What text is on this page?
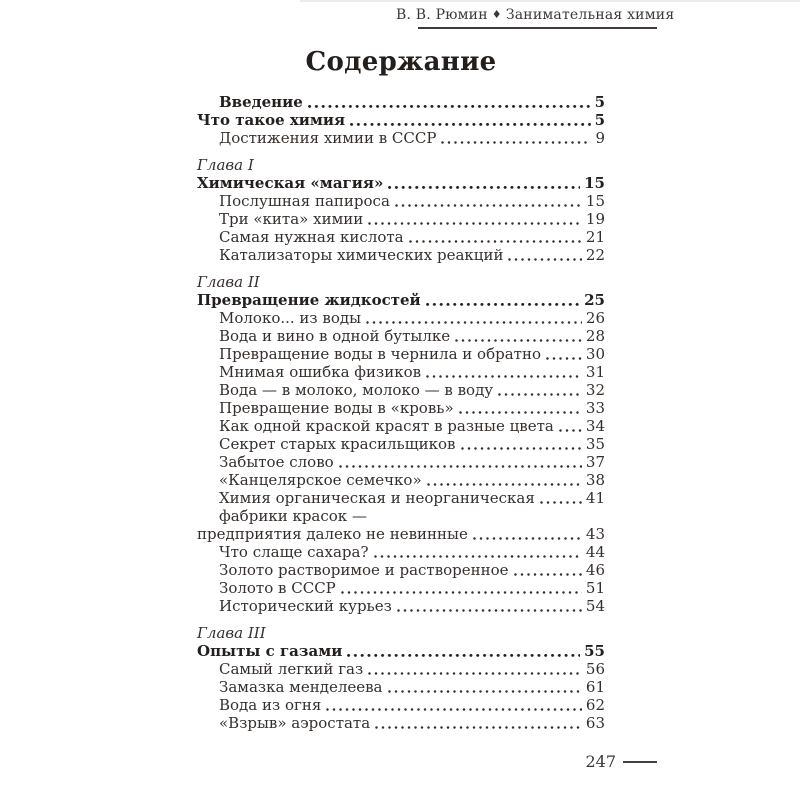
В. В. Рюмин ♦ Занимательная химия
Содержание
Введение	5
Что такое химия	5
Достижения химии в СССР	9
Глава I
Химическая «магия»	15
Послушная папироса	15
Три «кита» химии	19
Самая нужная кислота	21
Катализаторы химических реакций	22
Глава II
Превращение жидкостей	25
Молоко... из воды	26
Вода и вино в одной бутылке	28
Превращение воды в чернила и обратно	30
Мнимая ошибка физиков	31
Вода — в молоко, молоко — в воду	32
Превращение воды в «кровь»	33
Как одной краской красят в разные цвета 34
Секрет старых красильщиков	35
Забытое слово	37
«Канцелярское семечко»	38
Химия органическая и неорганическая	41
фабрики красок —
предприятия далеко не невинные	43
Что слаще сахара?	44
Золото растворимое и растворенное	46
Золото в СССР	51
Исторический курьез	54
Глава III
Опыты с газами	55
Самый легкий газ	56
Замазка менделеева	61
Вода из огня	62
«Взрыв» аэростата	63
247
